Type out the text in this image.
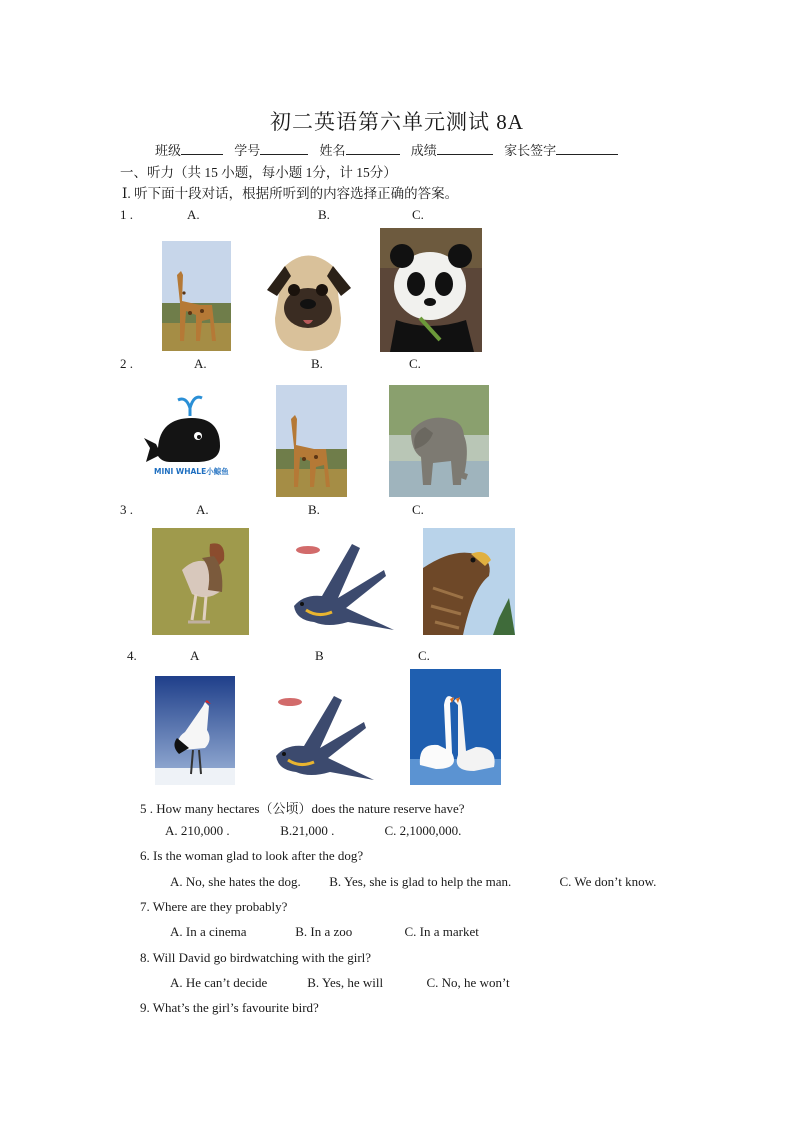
初二英语第六单元测试 8A
班级	学号	姓名	成绩	家长签字
一、听力（共 15 小题，每小题 1分，计 15分）
Ⅰ. 听下面十段对话，根据所听到的内容选择正确的答案。
1 .	A.	B.	C.
2 .	A.	B.	C.
MINI WHALE小鲸鱼
3 .	A.	B.	C.
4.	A	B	C.
5 . How many hectares（公顷）does the nature reserve have?
A. 210,000 .	B.21,000 .	C. 2,1000,000.
6. Is the woman glad to look after the dog?
A. No, she hates the dog. B. Yes, she is glad to help the man.	C. We don’t know.
7. Where are they probably?
A. In a cinema	B. In a zoo	C. In a market
8. Will David go birdwatching with the girl?
A. He can’t decide	B. Yes, he will	C. No, he won’t
9. What’s the girl’s favourite bird?
